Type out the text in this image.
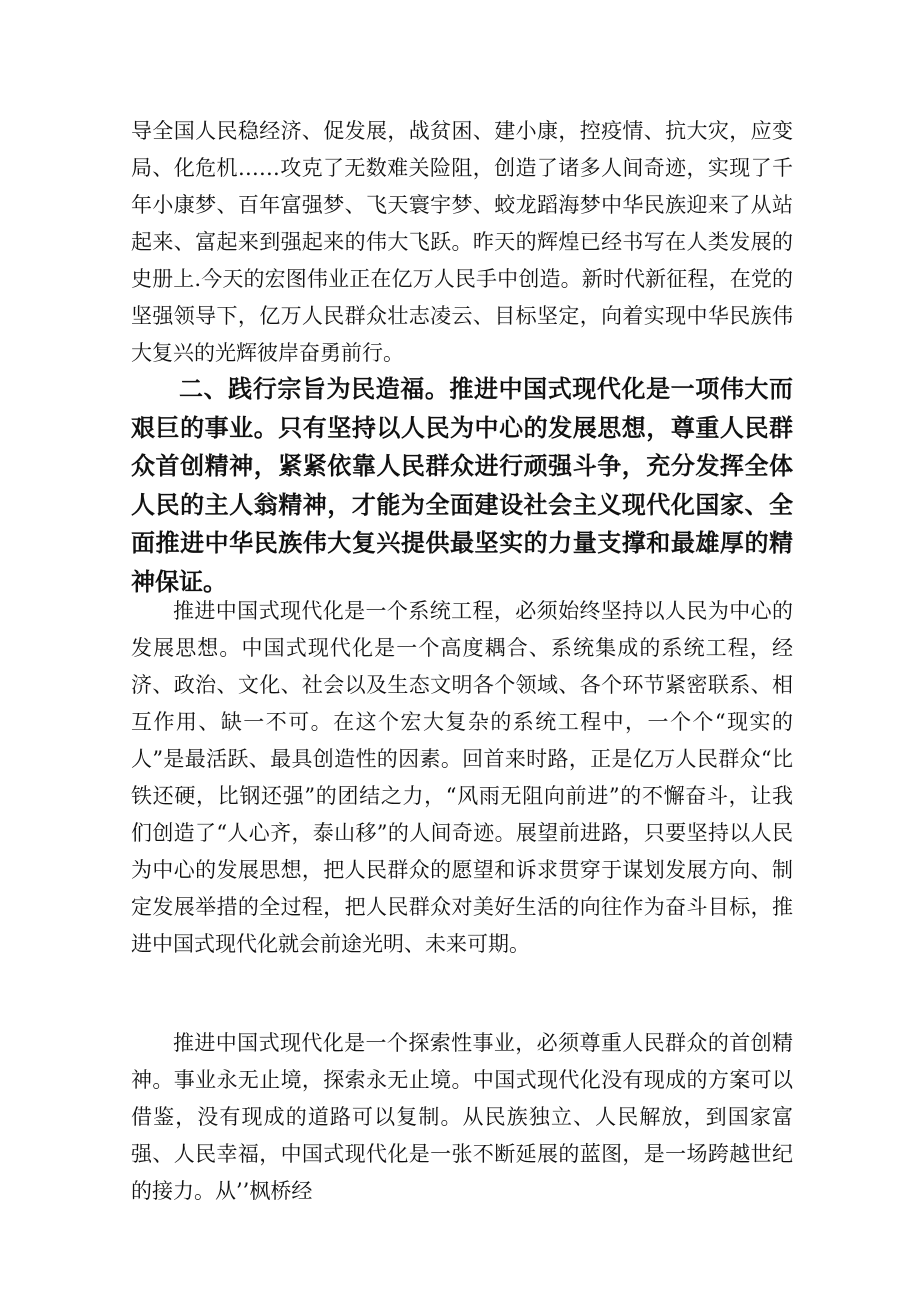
导全国人民稳经济、促发展，战贫困、建小康，控疫情、抗大灾，应变局、化危机……攻克了无数难关险阻，创造了诸多人间奇迹，实现了千年小康梦、百年富强梦、飞天寰宇梦、蛟龙蹈海梦中华民族迎来了从站起来、富起来到强起来的伟大飞跃。昨天的辉煌已经书写在人类发展的史册上.今天的宏图伟业正在亿万人民手中创造。新时代新征程，在党的坚强领导下，亿万人民群众壮志凌云、目标坚定，向着实现中华民族伟大复兴的光辉彼岸奋勇前行。

二、践行宗旨为民造福。推进中国式现代化是一项伟大而艰巨的事业。只有坚持以人民为中心的发展思想，尊重人民群众首创精神，紧紧依靠人民群众进行顽强斗争，充分发挥全体人民的主人翁精神，才能为全面建设社会主义现代化国家、全面推进中华民族伟大复兴提供最坚实的力量支撑和最雄厚的精神保证。

推进中国式现代化是一个系统工程，必须始终坚持以人民为中心的发展思想。中国式现代化是一个高度耦合、系统集成的系统工程，经济、政治、文化、社会以及生态文明各个领域、各个环节紧密联系、相互作用、缺一不可。在这个宏大复杂的系统工程中，一个个“现实的人”是最活跃、最具创造性的因素。回首来时路，正是亿万人民群众“比铁还硬，比钢还强”的团结之力，“风雨无阻向前进”的不懈奋斗，让我们创造了“人心齐，泰山移”的人间奇迹。展望前进路，只要坚持以人民为中心的发展思想，把人民群众的愿望和诉求贯穿于谋划发展方向、制定发展举措的全过程，把人民群众对美好生活的向往作为奋斗目标，推进中国式现代化就会前途光明、未来可期。

推进中国式现代化是一个探索性事业，必须尊重人民群众的首创精神。事业永无止境，探索永无止境。中国式现代化没有现成的方案可以借鉴，没有现成的道路可以复制。从民族独立、人民解放，到国家富强、人民幸福，中国式现代化是一张不断延展的蓝图，是一场跨越世纪的接力。从’’枫桥经
